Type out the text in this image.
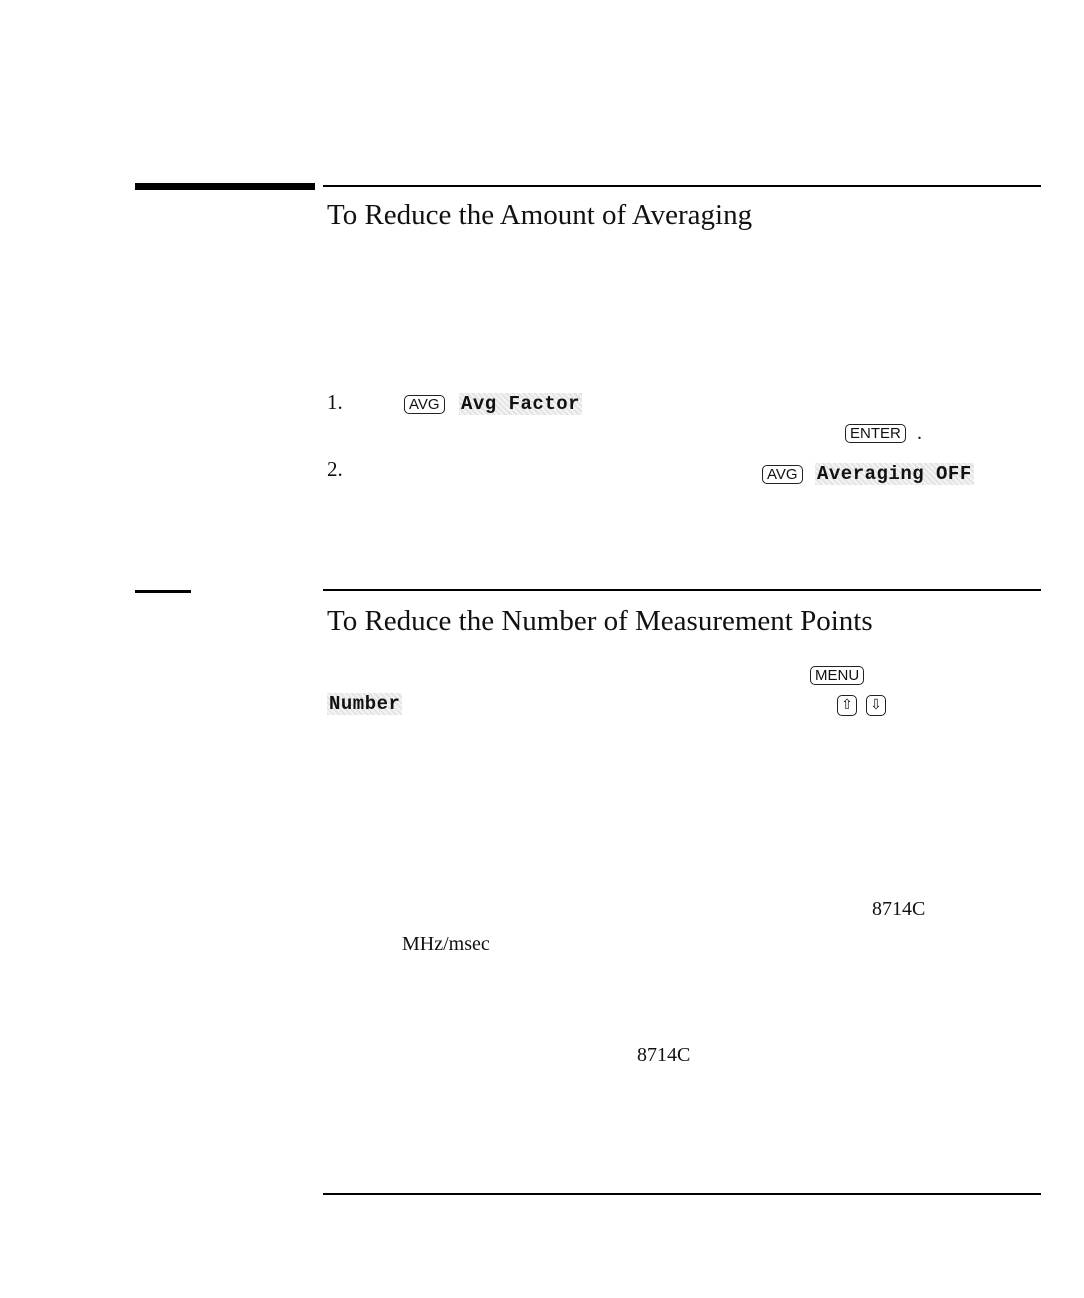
To Reduce the Amount of Averaging
1.	AVG Avg Factor
ENTER .
2.	AVG Averaging OFF
To Reduce the Number of Measurement Points
MENU
Number	⇧ ⇩
8714C
MHz/msec
8714C
